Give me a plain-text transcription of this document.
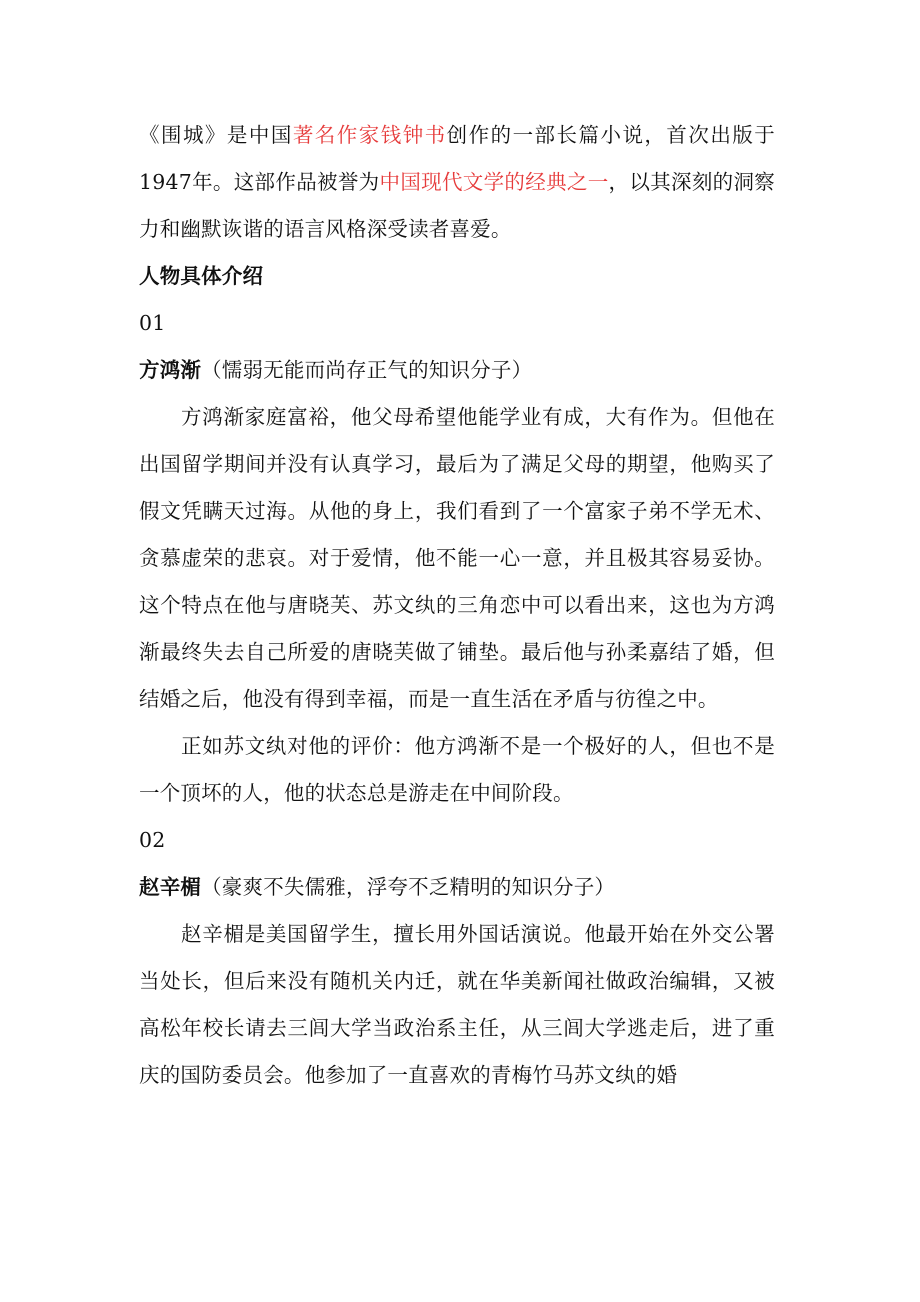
《围城》是中国著名作家钱钟书创作的一部长篇小说，首次出版于1947年。这部作品被誉为中国现代文学的经典之一，以其深刻的洞察力和幽默诙谐的语言风格深受读者喜爱。

人物具体介绍

01

方鸿渐（懦弱无能而尚存正气的知识分子）

方鸿渐家庭富裕，他父母希望他能学业有成，大有作为。但他在出国留学期间并没有认真学习，最后为了满足父母的期望，他购买了假文凭瞒天过海。从他的身上，我们看到了一个富家子弟不学无术、贪慕虚荣的悲哀。对于爱情，他不能一心一意，并且极其容易妥协。这个特点在他与唐晓芙、苏文纨的三角恋中可以看出来，这也为方鸿渐最终失去自己所爱的唐晓芙做了铺垫。最后他与孙柔嘉结了婚，但结婚之后，他没有得到幸福，而是一直生活在矛盾与彷徨之中。

正如苏文纨对他的评价：他方鸿渐不是一个极好的人，但也不是一个顶坏的人，他的状态总是游走在中间阶段。

02

赵辛楣（豪爽不失儒雅，浮夸不乏精明的知识分子）

赵辛楣是美国留学生，擅长用外国话演说。他最开始在外交公署当处长，但后来没有随机关内迁，就在华美新闻社做政治编辑，又被高松年校长请去三闾大学当政治系主任，从三闾大学逃走后，进了重庆的国防委员会。他参加了一直喜欢的青梅竹马苏文纨的婚
